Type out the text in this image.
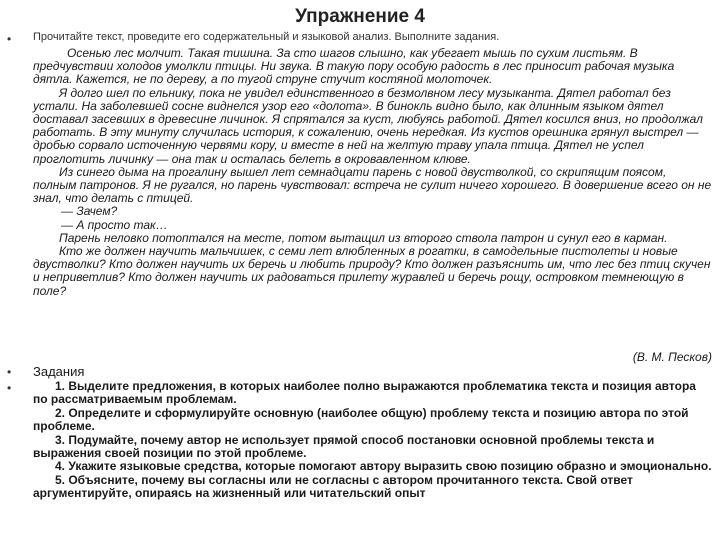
Упражнение 4
• Прочитайте текст, проведите его содержательный и языковой анализ. Выполните задания.

Осенью лес молчит. Такая тишина. За сто шагов слышно, как убегает мышь по сухим листьям. В предчувствии холодов умолкли птицы. Ни звука. В такую пору особую радость в лес приносит рабочая музыка дятла. Кажется, не по дереву, а по тугой струне стучит костяной молоточек.

Я долго шел по ельнику, пока не увидел единственного в безмолвном лесу музыканта. Дятел работал без устали. На заболевшей сосне виднелся узор его «долота». В бинокль видно было, как длинным языком дятел доставал засевших в древесине личинок. Я спрятался за куст, любуясь работой. Дятел косился вниз, но продолжал работать. В эту минуту случилась история, к сожалению, очень нередкая. Из кустов орешника грянул выстрел — дробью сорвало источенную червями кору, и вместе в ней на желтую траву упала птица. Дятел не успел проглотить личинку — она так и осталась белеть в окровавленном клюве.

Из синего дыма на прогалину вышел лет семнадцати парень с новой двустволкой, со скрипящим поясом, полным патронов. Я не ругался, но парень чувствовал: встреча не сулит ничего хорошего. В довершение всего он не знал, что делать с птицей.

— Зачем?

— А просто так…

Парень неловко потоптался на месте, потом вытащил из второго ствола патрон и сунул его в карман.

Кто же должен научить мальчишек, с семи лет влюбленных в рогатки, в самодельные пистолеты и новые двустволки? Кто должен научить их беречь и любить природу? Кто должен разъяснить им, что лес без птиц скучен и неприветлив? Кто должен научить их радоваться прилету журавлей и беречь рощу, островком темнеющую в поле?

(В. М. Песков)
• Задания
•	1. Выделите предложения, в которых наиболее полно выражаются проблематика текста и позиция автора по рассматриваемым проблемам.

2. Определите и сформулируйте основную (наиболее общую) проблему текста и позицию автора по этой проблеме.

3. Подумайте, почему автор не использует прямой способ постановки основной проблемы текста и выражения своей позиции по этой проблеме.

4. Укажите языковые средства, которые помогают автору выразить свою позицию образно и эмоционально.

5. Объясните, почему вы согласны или не согласны с автором прочитанного текста. Свой ответ аргументируйте, опираясь на жизненный или читательский опыт
